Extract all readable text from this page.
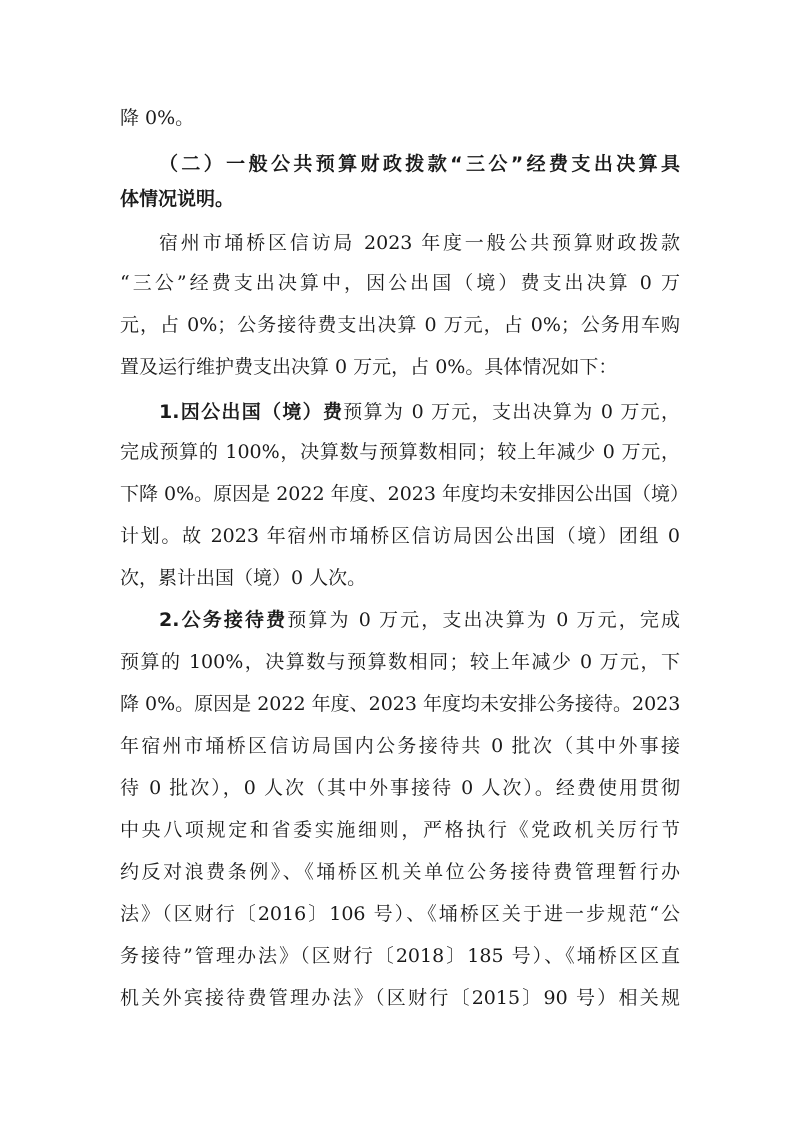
降 0%。
（二）一般公共预算财政拨款“三公”经费支出决算具
体情况说明。
宿州市埇桥区信访局 2023 年度一般公共预算财政拨款
“三公”经费支出决算中，因公出国（境）费支出决算 0 万
元，占 0%；公务接待费支出决算 0 万元，占 0%；公务用车购
置及运行维护费支出决算 0 万元，占 0%。具体情况如下：
1.因公出国（境）费预算为 0 万元，支出决算为 0 万元，
完成预算的 100%，决算数与预算数相同；较上年减少 0 万元，
下降 0%。原因是 2022 年度、2023 年度均未安排因公出国（境）
计划。故 2023 年宿州市埇桥区信访局因公出国（境）团组 0
次，累计出国（境）0 人次。
2.公务接待费预算为 0 万元，支出决算为 0 万元，完成
预算的 100%，决算数与预算数相同；较上年减少 0 万元，下
降 0%。原因是 2022 年度、2023 年度均未安排公务接待。2023
年宿州市埇桥区信访局国内公务接待共 0 批次（其中外事接
待 0 批次），0 人次（其中外事接待 0 人次）。经费使用贯彻
中央八项规定和省委实施细则，严格执行《党政机关厉行节
约反对浪费条例》、《埇桥区机关单位公务接待费管理暂行办
法》（区财行〔2016〕106 号）、《埇桥区关于进一步规范“公
务接待”管理办法》（区财行〔2018〕185 号）、《埇桥区区直
机关外宾接待费管理办法》（区财行〔2015〕90 号）相关规
